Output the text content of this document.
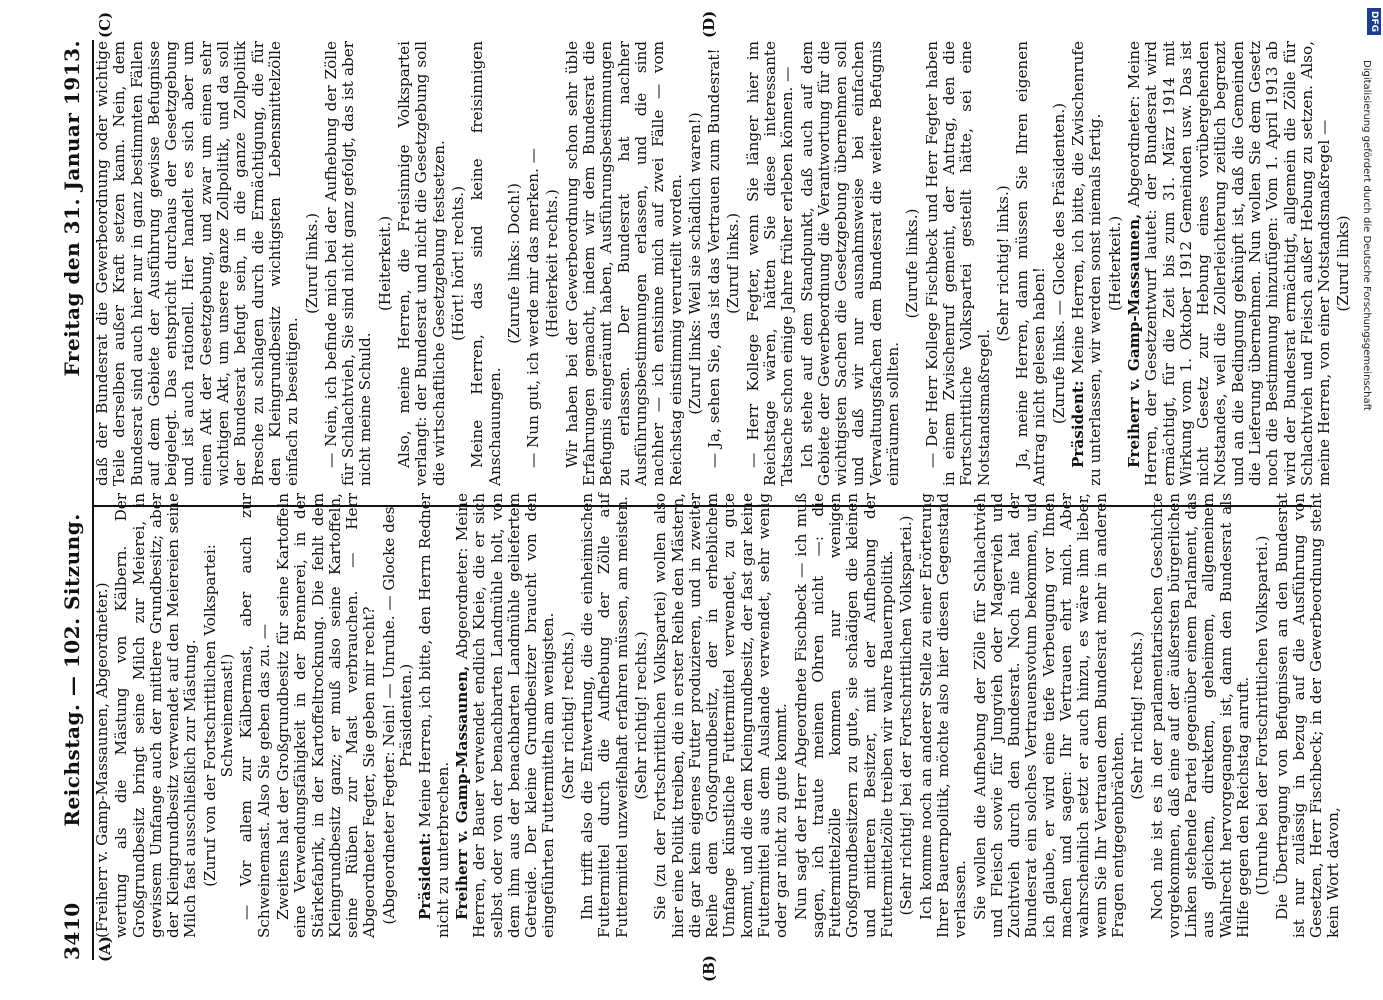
3410
Reichstag. — 102. Sitzung.
Freitag den 31. Januar 1913.
(A)
(B)
(C)	(D)

(Freiherr v. Gamp-Massaunen, Abgeordneter.) wertung als die Mästung von Kälbern. Der Großgrundbesitz bringt seine Milch zur Meierei, in gewissem Umfange auch der mittlere Grundbesitz; aber der Kleingrundbesitz verwendet auf den Meiereien seine Milch fast ausschließlich zur Mästung. (Zuruf von der Fortschrittlichen Volkspartei: Schweinemast!) — Vor allem zur Kälbermast, aber auch zur Schweinemast. Also Sie geben das zu. — Zweitens hat der Großgrundbesitz für seine Kartoffeln eine Verwendungsfähigkeit in der Brennerei, in der Stärkefabrik, in der Kartoffeltrocknung. Die fehlt dem Kleingrundbesitz ganz; er muß also seine Kartoffeln, seine Rüben zur Mast verbrauchen. — Herr Abgeordneter Fegter, Sie geben mir recht? (Abgeordneter Fegter: Nein! — Unruhe. — Glocke des Präsidenten.)

Präsident: Meine Herren, ich bitte, den Herrn Redner nicht zu unterbrechen. Freiherr v. Gamp-Massaunen, Abgeordneter: Meine Herren, der Bauer verwendet endlich Kleie, die er sich selbst oder von der benachbarten Landmühle holt, von dem ihm aus der benachbarten Landmühle geliefertem Getreide. Der kleine Grundbesitzer braucht von den eingeführten Futtermitteln am wenigsten. (Sehr richtig! rechts.) Ihn trifft also die Entwertung, die die einheimischen Futtermittel durch die Aufhebung der Zölle auf Futtermittel unzweifelhaft erfahren müssen, am meisten. (Sehr richtig! rechts.) Sie (zu der Fortschrittlichen Volkspartei) wollen also hier eine Politik treiben, die in erster Reihe den Mästern, die gar kein eigenes Futter produzieren, und in zweiter Reihe dem Großgrundbesitz, der in erheblichem Umfange künstliche Futtermittel verwendet, zu gute kommt, und die dem Kleingrundbesitz, der fast gar keine Futtermittel aus dem Auslande verwendet, sehr wenig oder gar nicht zu gute kommt. Nun sagt der Herr Abgeordnete Fischbeck — ich muß sagen, ich traute meinen Ohren nicht —: die Futtermittelzölle kommen nur wenigen Großgrundbesitzern zu gute, sie schädigen die kleinen und mittleren Besitzer, mit der Aufhebung der Futtermittelzölle treiben wir wahre Bauernpolitik. (Sehr richtig! bei der Fortschrittlichen Volkspartei.) Ich komme noch an anderer Stelle zu einer Erörterung Ihrer Bauernpolitik, möchte also hier diesen Gegenstand verlassen. Sie wollen die Aufhebung der Zölle für Schlachtvieh und Fleisch sowie für Jungvieh oder Magervieh und Zuchtvieh durch den Bundesrat. Noch nie hat der Bundesrat ein solches Vertrauensvotum bekommen, und ich glaube, er wird eine tiefe Verbeugung vor Ihnen machen und sagen: Ihr Vertrauen ehrt mich. Aber wahrscheinlich setzt er auch hinzu, es wäre ihm lieber, wenn Sie Ihr Vertrauen dem Bundesrat mehr in anderen Fragen entgegenbrächten.

(Sehr richtig! rechts.) Noch nie ist es in der parlamentarischen Geschichte vorgekommen, daß eine auf der äußersten bürgerlichen Linken stehende Partei gegenüber einem Parlament, das aus gleichem, direktem, geheimem, allgemeinem Wahlrecht hervorgegangen ist, dann den Bundesrat als Hilfe gegen den Reichstag anruft. (Unruhe bei der Fortschrittlichen Volkspartei.) Die Übertragung von Befugnissen an den Bundesrat ist nur zulässig in bezug auf die Ausführung von Gesetzen, Herr Fischbeck; in der Gewerbeordnung steht kein Wort davon,

daß der Bundesrat die Gewerbeordnung oder wichtige Teile derselben außer Kraft setzen kann. Nein, dem Bundesrat sind auch hier nur in ganz bestimmten Fällen auf dem Gebiete der Ausführung gewisse Befugnisse beigelegt. Das entspricht durchaus der Gesetzgebung und ist auch rationell. Hier handelt es sich aber um einen Akt der Gesetzgebung, und zwar um einen sehr wichtigen Akt, um unsere ganze Zollpolitik, und da soll der Bundesrat befugt sein, in die ganze Zollpolitik Bresche zu schlagen durch die Ermächtigung, die für den Kleingrundbesitz wichtigsten Lebensmittelzölle einfach zu beseitigen.

(Zuruf links.) — Nein, ich befinde mich bei der Aufhebung der Zölle für Schlachtvieh, Sie sind nicht ganz gefolgt, das ist aber nicht meine Schuld.

(Heiterkeit.) Also, meine Herren, die Freisinnige Volkspartei verlangt: der Bundesrat und nicht die Gesetzgebung soll die wirtschaftliche Gesetzgebung festsetzen. (Hört! hört! rechts.) Meine Herren, das sind keine freisinnigen Anschauungen.

(Zurufe links: Doch!) — Nun gut, ich werde mir das merken. — (Heiterkeit rechts.) Wir haben bei der Gewerbeordnung schon sehr üble Erfahrungen gemacht, indem wir dem Bundesrat die Befugnis eingeräumt haben, Ausführungsbestimmungen zu erlassen. Der Bundesrat hat nachher Ausführungsbestimmungen erlassen, und die sind nachher — ich entsinne mich auf zwei Fälle — vom Reichstag einstimmig verurteilt worden. (Zuruf links: Weil sie schädlich waren!) — Ja, sehen Sie, das ist das Vertrauen zum Bundesrat! (Zuruf links.) — Herr Kollege Fegter, wenn Sie länger hier im Reichstage wären, hätten Sie diese interessante Tatsache schon einige Jahre früher erleben können. — Ich stehe auf dem Standpunkt, daß auch auf dem Gebiete der Gewerbeordnung die Verantwortung für die wichtigsten Sachen die Gesetzgebung übernehmen soll und daß wir nur ausnahmsweise bei einfachen Verwaltungsfachen dem Bundesrat die weitere Befugnis einräumen sollten.

(Zurufe links.) — Der Herr Kollege Fischbeck und Herr Fegter haben in einem Zwischenruf gemeint, der Antrag, den die Fortschrittliche Volkspartei gestellt hätte, sei eine Notstandsmaßregel.

(Sehr richtig! links.) Ja, meine Herren, dann müssen Sie Ihren eigenen Antrag nicht gelesen haben! (Zurufe links. — Glocke des Präsidenten.)

Präsident: Meine Herren, ich bitte, die Zwischenrufe zu unterlassen, wir werden sonst niemals fertig. (Heiterkeit.) Freiherr v. Gamp-Massaunen, Abgeordneter: Meine Herren, der Gesetzentwurf lautet: der Bundesrat wird ermächtigt, für die Zeit bis zum 31. März 1914 mit Wirkung vom 1. Oktober 1912 Gemeinden usw. Das ist nicht Gesetz zur Hebung eines vorübergehenden Notstandes, weil die Zollerleichterung zeitlich begrenzt und an die Bedingung geknüpft ist, daß die Gemeinden die Lieferung übernehmen. Nun wollen Sie dem Gesetz noch die Bestimmung hinzufügen: Vom 1. April 1913 ab wird der Bundesrat ermächtigt, allgemein die Zölle für Schlachtvieh und Fleisch außer Hebung zu setzen. Also, meine Herren, von einer Notstandsmaßregel — (Zuruf links) Digitalisierung gefördert durch die Deutsche Forschungsgemeinschaft
DFG
